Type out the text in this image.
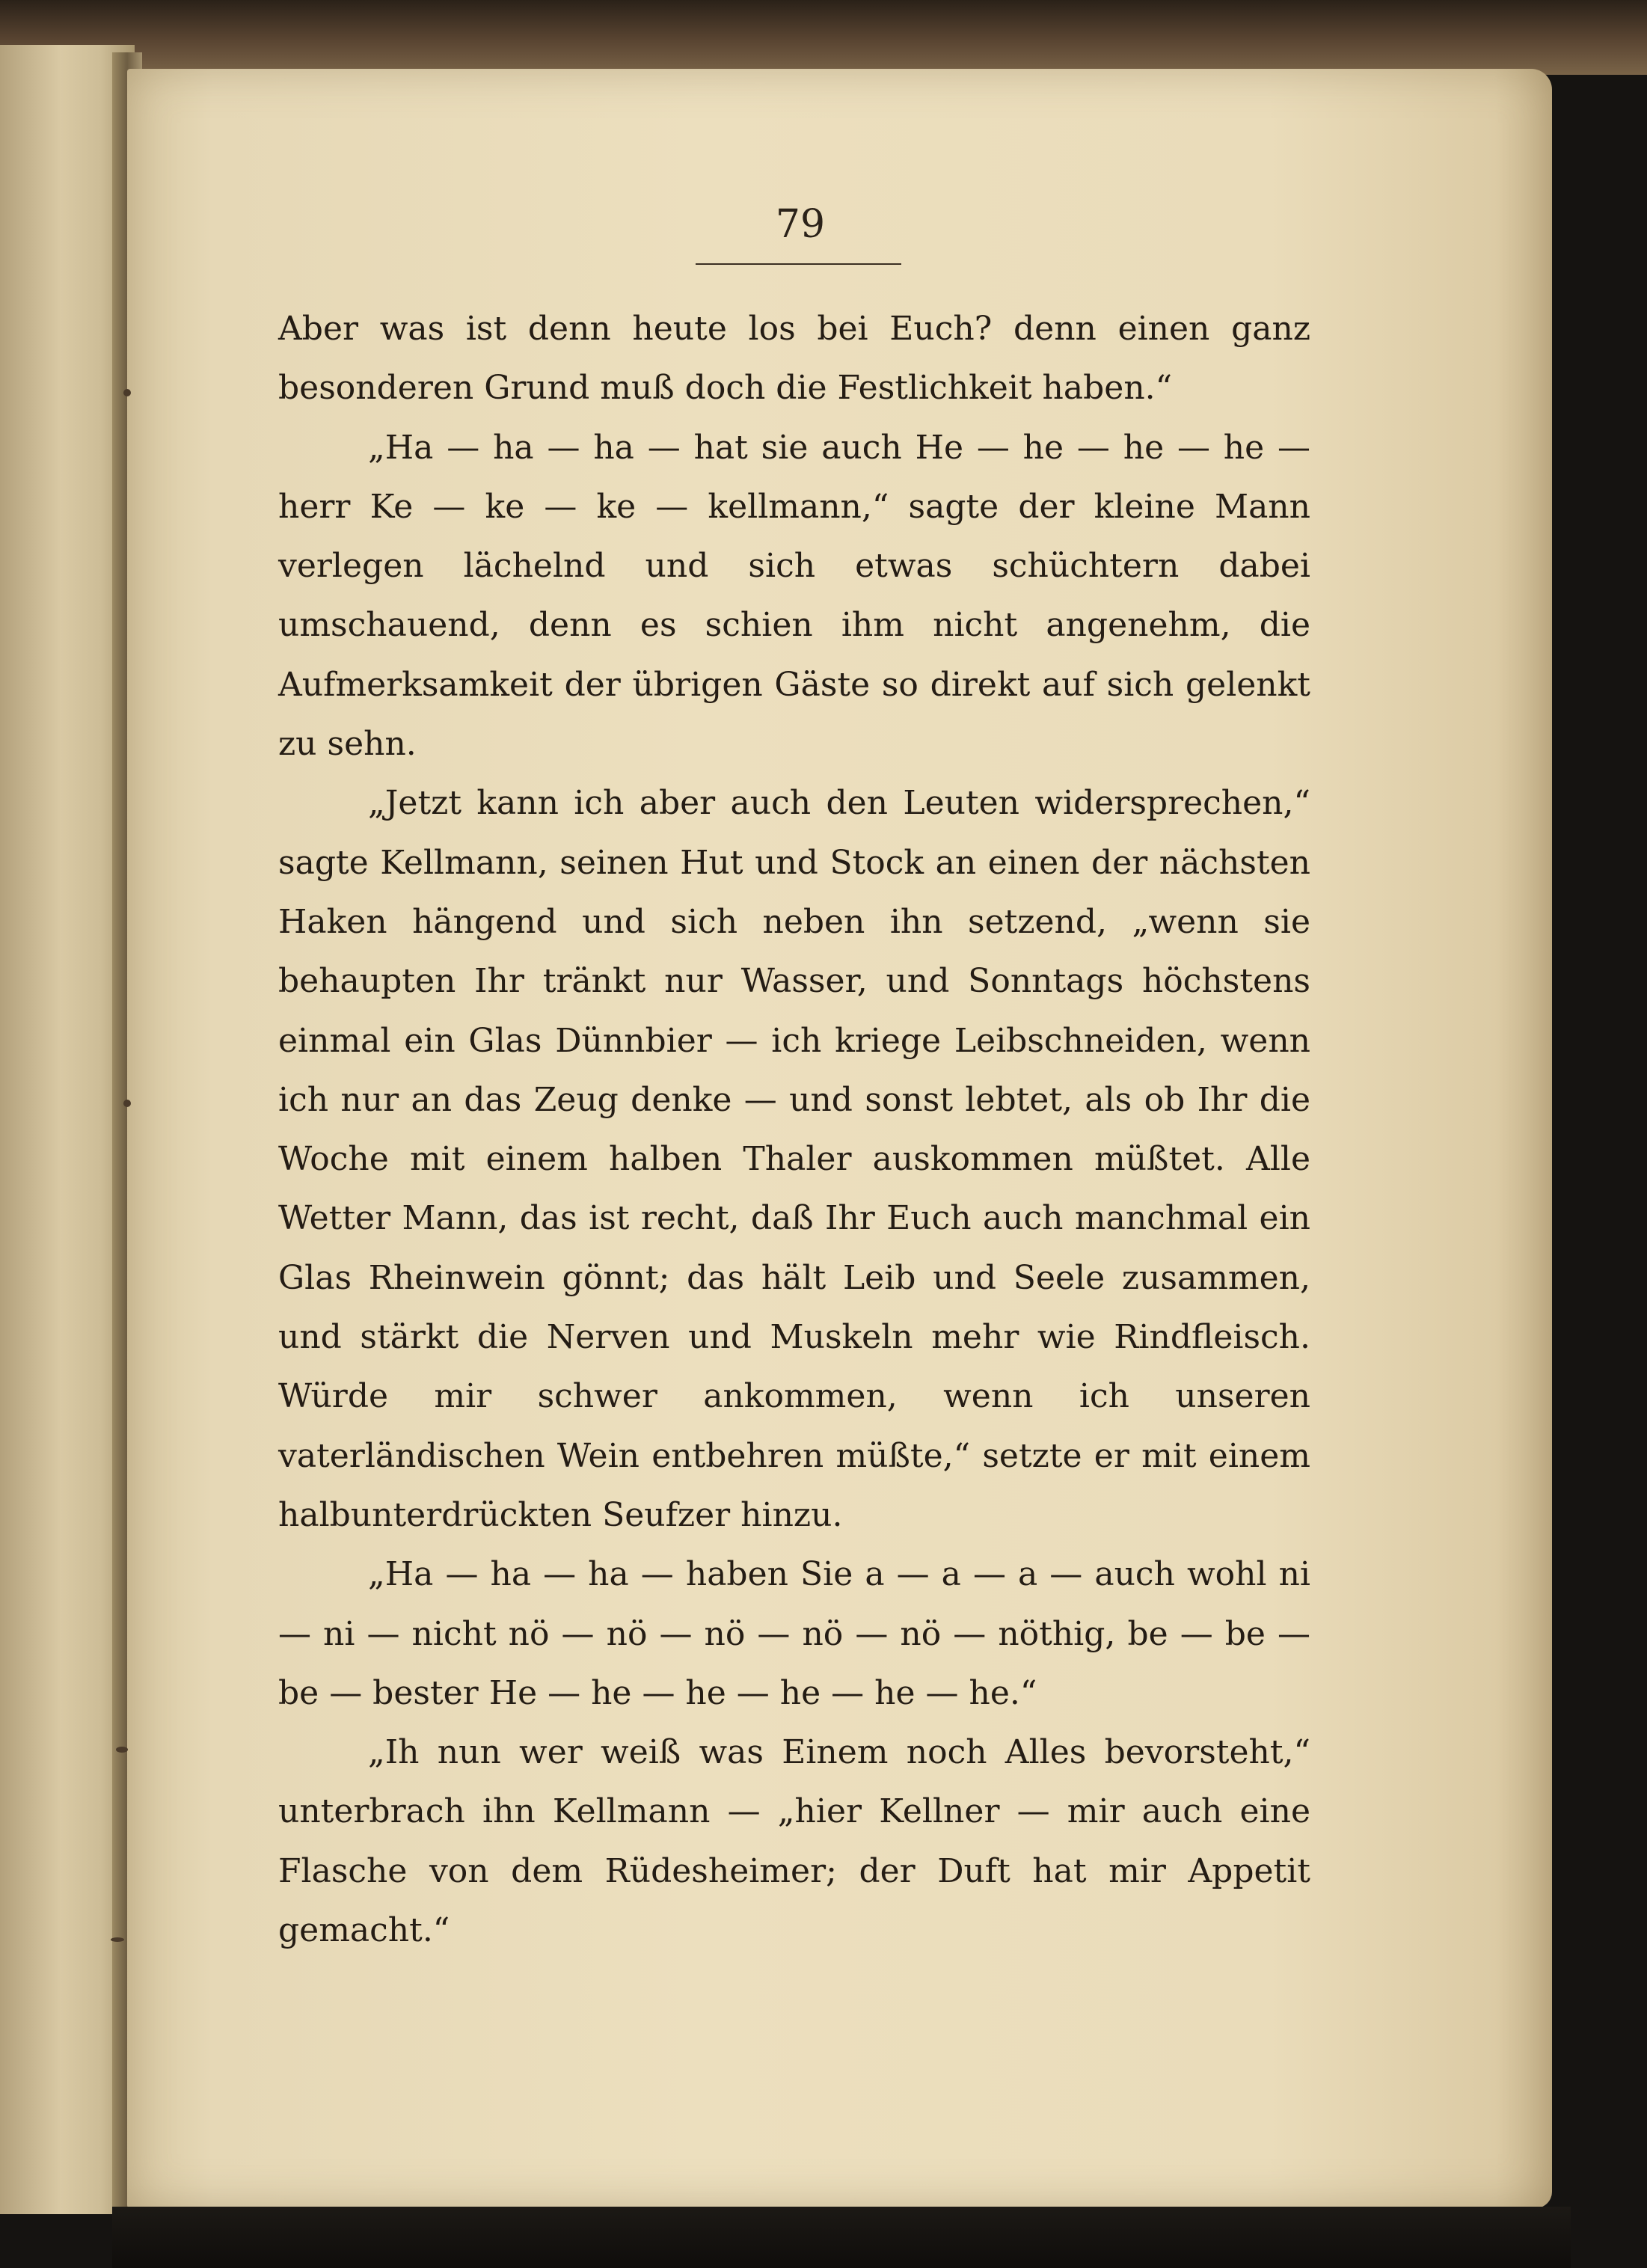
79

Aber was ist denn heute los bei Euch? denn einen ganz besonderen Grund muß doch die Festlichkeit haben.“

„Ha — ha — ha — hat sie auch He — he — he — he — herr Ke — ke — ke — kellmann,“ sagte der kleine Mann verlegen lächelnd und sich etwas schüchtern dabei umschauend, denn es schien ihm nicht angenehm, die Aufmerksamkeit der übrigen Gäste so direkt auf sich gelenkt zu sehn.

„Jetzt kann ich aber auch den Leuten widersprechen,“ sagte Kellmann, seinen Hut und Stock an einen der nächsten Haken hängend und sich neben ihn setzend, „wenn sie behaupten Ihr tränkt nur Wasser, und Sonntags höchstens einmal ein Glas Dünnbier — ich kriege Leibschneiden, wenn ich nur an das Zeug denke — und sonst lebtet, als ob Ihr die Woche mit einem halben Thaler auskommen müßtet. Alle Wetter Mann, das ist recht, daß Ihr Euch auch manchmal ein Glas Rheinwein gönnt; das hält Leib und Seele zusammen, und stärkt die Nerven und Muskeln mehr wie Rindfleisch. Würde mir schwer ankommen, wenn ich unseren vaterländischen Wein entbehren müßte,“ setzte er mit einem halbunterdrückten Seufzer hinzu.

„Ha — ha — ha — haben Sie a — a — a — auch wohl ni — ni — nicht nö — nö — nö — nö — nö — nöthig, be — be — be — bester He — he — he — he — he — he.“

„Ih nun wer weiß was Einem noch Alles bevorsteht,“ unterbrach ihn Kellmann — „hier Kellner — mir auch eine Flasche von dem Rüdesheimer; der Duft hat mir Appetit gemacht.“
